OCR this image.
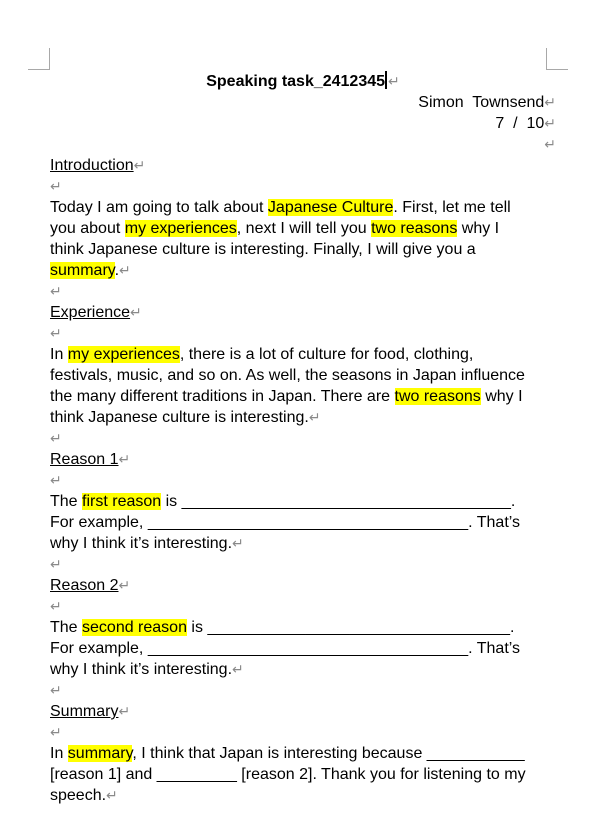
Speaking task_2412345 ↵
Simon  Townsend↵
7  /  10↵
↵
Introduction↵
↵
Today I am going to talk about Japanese Culture. First, let me tell
you about my experiences, next I will tell you two reasons why I
think Japanese culture is interesting. Finally, I will give you a
summary.↵
↵
Experience↵
↵
In my experiences, there is a lot of culture for food, clothing,
festivals, music, and so on. As well, the seasons in Japan influence
the many different traditions in Japan. There are two reasons why I
think Japanese culture is interesting.↵
↵
Reason 1↵
↵
The first reason is _____________________________________.
For example, ____________________________________. That’s
why I think it’s interesting.↵
↵
Reason 2↵
↵
The second reason is __________________________________.
For example, ____________________________________. That’s
why I think it’s interesting.↵
↵
Summary↵
↵
In summary, I think that Japan is interesting because ___________
[reason 1] and _________ [reason 2]. Thank you for listening to my
speech.↵
